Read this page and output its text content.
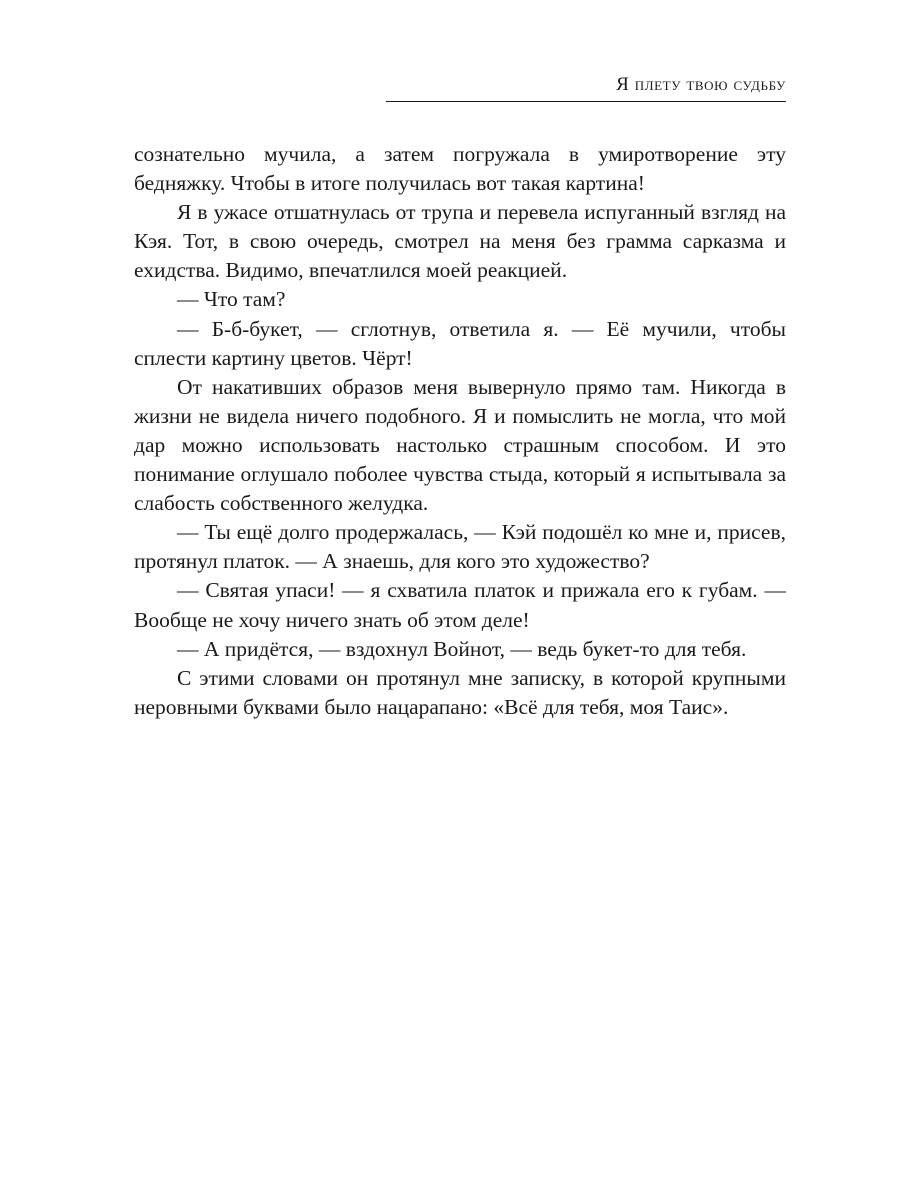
Я плету твою судьбу

сознательно мучила, а затем погружала в умиротворение эту бедняжку. Чтобы в итоге получилась вот такая картина!

Я в ужасе отшатнулась от трупа и перевела испуганный взгляд на Кэя. Тот, в свою очередь, смотрел на меня без грамма сарказма и ехидства. Видимо, впечатлился моей реакцией.

— Что там?

— Б-б-букет, — сглотнув, ответила я. — Её мучили, чтобы сплести картину цветов. Чёрт!

От накативших образов меня вывернуло прямо там. Никогда в жизни не видела ничего подобного. Я и помыслить не могла, что мой дар можно использовать настолько страшным способом. И это понимание оглушало поболее чувства стыда, который я испытывала за слабость собственного желудка.

— Ты ещё долго продержалась, — Кэй подошёл ко мне и, присев, протянул платок. — А знаешь, для кого это художество?

— Святая упаси! — я схватила платок и прижала его к губам. — Вообще не хочу ничего знать об этом деле!

— А придётся, — вздохнул Войнот, — ведь букет-то для тебя.

С этими словами он протянул мне записку, в которой крупными неровными буквами было нацарапано: «Всё для тебя, моя Таис».
